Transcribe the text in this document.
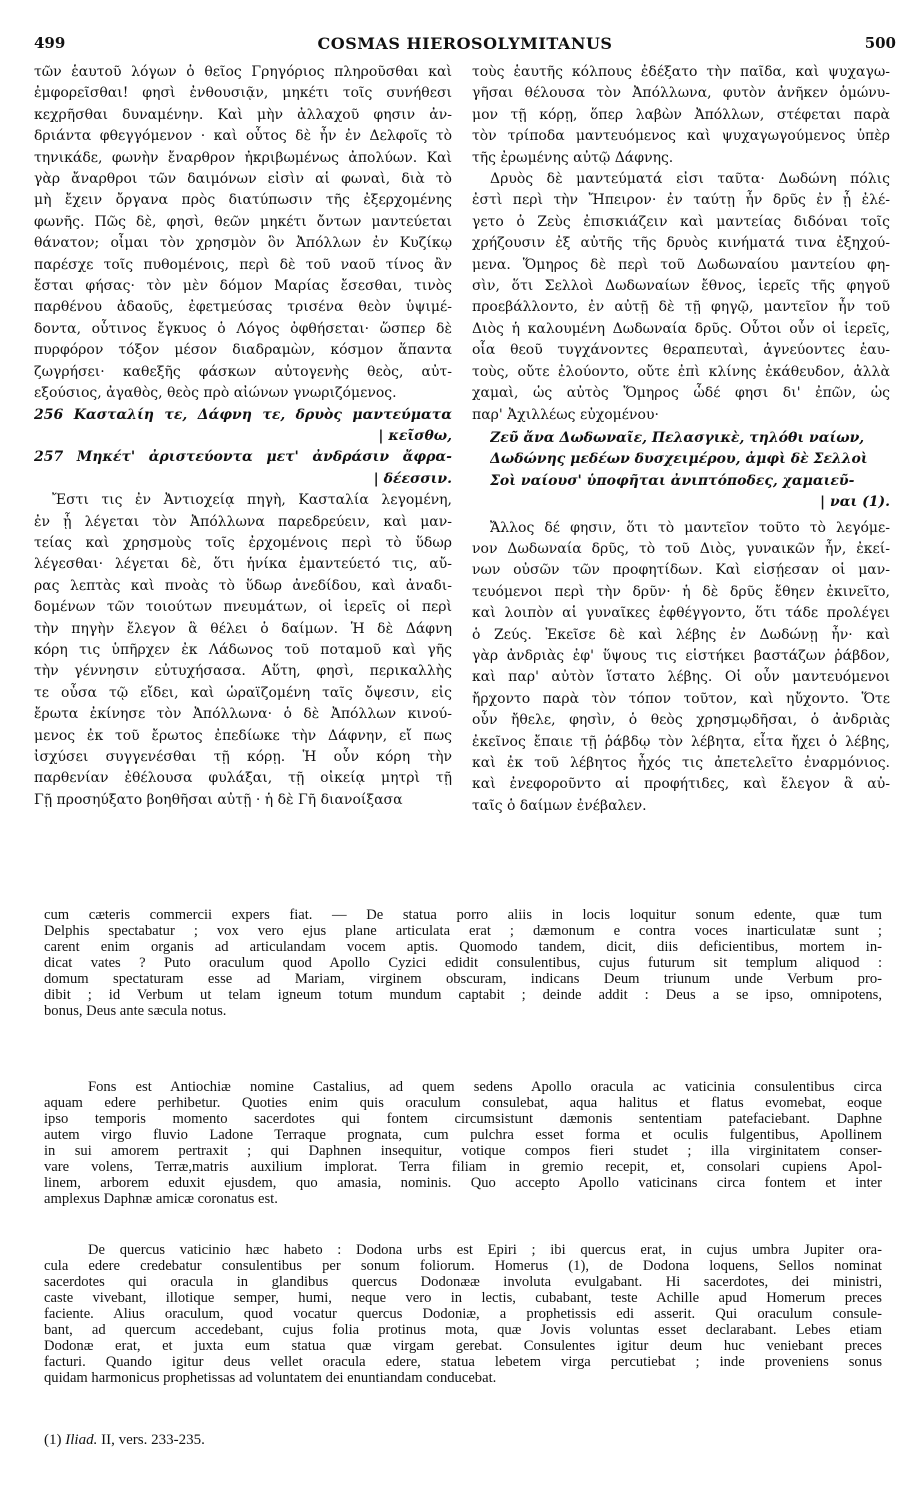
499	COSMAS HIEROSOLYMITANUS	500
τῶν ἑαυτοῦ λόγων ὁ θεῖος Γρηγόριος πληροῦσθαι καὶ
ἐμφορεῖσθαι! φησὶ ἐνθουσιᾷν, μηκέτι τοῖς συνήθεσι
κεχρῆσθαι δυναμένην. Καὶ μὴν ἀλλαχοῦ φησιν ἀν-
δριάντα φθεγγόμενον · καὶ οὗτος δὲ ἦν ἐν Δελφοῖς τὸ
τηνικάδε, φωνὴν ἔναρθρον ἠκριβωμένως ἀπολύων. Καὶ
γὰρ ἄναρθροι τῶν δαιμόνων εἰσὶν αἱ φωναὶ, διὰ τὸ
μὴ ἔχειν ὄργανα πρὸς διατύπωσιν τῆς ἐξερχομένης
φωνῆς. Πῶς δὲ, φησὶ, θεῶν μηκέτι ὄντων μαντεύεται
θάνατον; οἶμαι τὸν χρησμὸν ὃν Ἀπόλλων ἐν Κυζίκῳ
παρέσχε τοῖς πυθομένοις, περὶ δὲ τοῦ ναοῦ τίνος ἂν
ἔσται φήσας· τὸν μὲν δόμον Μαρίας ἔσεσθαι, τινὸς
παρθένου ἀδαοῦς, ἐφετμεύσας τρισένα θεὸν ὑψιμέ-
δοντα, οὗτινος ἔγκυος ὁ Λόγος ὀφθήσεται· ὥσπερ δὲ
πυρφόρον τόξον μέσον διαδραμὼν, κόσμον ἅπαντα
ζωγρήσει· καθεξῆς φάσκων αὐτογενὴς θεὸς, αὐτ-
εξούσιος, ἀγαθὸς, θεὸς πρὸ αἰώνων γνωριζόμενος.
256 Κασταλίη τε, Δάφνη τε, δρυὸς μαντεύματα
| κεῖσθω,
257 Μηκέτ' ἀριστεύοντα μετ' ἀνδράσιν ἄφρα-
| δέεσσιν.
Ἔστι τις ἐν Ἀντιοχείᾳ πηγὴ, Κασταλία λεγομένη,
ἐν ᾗ λέγεται τὸν Ἀπόλλωνα παρεδρεύειν, καὶ μαν-
τείας καὶ χρησμοὺς τοῖς ἐρχομένοις περὶ τὸ ὕδωρ
λέγεσθαι· λέγεται δὲ, ὅτι ἡνίκα ἐμαντεύετό τις, αὔ-
ρας λεπτὰς καὶ πνοὰς τὸ ὕδωρ ἀνεδίδου, καὶ ἀναδι-
δομένων τῶν τοιούτων πνευμάτων, οἱ ἱερεῖς οἱ περὶ
τὴν πηγὴν ἔλεγον ἃ θέλει ὁ δαίμων. Ἡ δὲ Δάφνη
κόρη τις ὑπῆρχεν ἐκ Λάδωνος τοῦ ποταμοῦ καὶ γῆς
τὴν γέννησιν εὐτυχήσασα. Αὕτη, φησὶ, περικαλλὴς
τε οὖσα τῷ εἴδει, καὶ ὡραϊζομένη ταῖς ὄψεσιν, εἰς
ἔρωτα ἐκίνησε τὸν Ἀπόλλωνα· ὁ δὲ Ἀπόλλων κινού-
μενος ἐκ τοῦ ἔρωτος ἐπεδίωκε τὴν Δάφνην, εἴ πως
ἰσχύσει συγγενέσθαι τῇ κόρῃ. Ἡ οὖν κόρη τὴν
παρθενίαν ἐθέλουσα φυλάξαι, τῇ οἰκείᾳ μητρὶ τῇ
Γῇ προσηύξατο βοηθῆσαι αὐτῇ · ἡ δὲ Γῆ διανοίξασα
τοὺς ἑαυτῆς κόλπους ἐδέξατο τὴν παῖδα, καὶ ψυχαγω-
γῆσαι θέλουσα τὸν Ἀπόλλωνα, φυτὸν ἀνῆκεν ὁμώνυ-
μον τῇ κόρῃ, ὅπερ λαβὼν Ἀπόλλων, στέφεται παρὰ
τὸν τρίποδα μαντευόμενος καὶ ψυχαγωγούμενος ὑπὲρ
τῆς ἐρωμένης αὐτῷ Δάφνης.
Δρυὸς δὲ μαντεύματά εἰσι ταῦτα· Δωδώνη πόλις
ἐστὶ περὶ τὴν Ἤπειρον· ἐν ταύτῃ ἦν δρῦς ἐν ᾗ ἐλέ-
γετο ὁ Ζεὺς ἐπισκιάζειν καὶ μαντείας διδόναι τοῖς
χρήζουσιν ἐξ αὐτῆς τῆς δρυὸς κινήματά τινα ἐξηχού-
μενα. Ὅμηρος δὲ περὶ τοῦ Δωδωναίου μαντείου φη-
σὶν, ὅτι Σελλοὶ Δωδωναίων ἔθνος, ἱερεῖς τῆς φηγοῦ
προεβάλλοντο, ἐν αὐτῇ δὲ τῇ φηγῷ, μαντεῖον ἦν τοῦ
Διὸς ἡ καλουμένη Δωδωναία δρῦς. Οὗτοι οὖν οἱ ἱερεῖς,
οἷα θεοῦ τυγχάνοντες θεραπευταὶ, ἁγνεύοντες ἑαυ-
τοὺς, οὔτε ἐλούοντο, οὔτε ἐπὶ κλίνης ἐκάθευδον, ἀλλὰ
χαμαὶ, ὡς αὐτὸς Ὅμηρος ὧδέ φησι δι' ἐπῶν, ὡς
παρ' Ἀχιλλέως εὐχομένου·
Ζεῦ ἄνα Δωδωναῖε, Πελασγικὲ, τηλόθι ναίων,
Δωδώνης μεδέων δυσχειμέρου, ἀμφὶ δὲ Σελλοὶ
Σοὶ ναίουσ' ὑποφῆται ἀνιπτόποδες, χαμαιεῦ-
| ναι (1).
Ἄλλος δέ φησιν, ὅτι τὸ μαντεῖον τοῦτο τὸ λεγόμε-
νον Δωδωναία δρῦς, τὸ τοῦ Διὸς, γυναικῶν ἦν, ἐκεί-
νων οὐσῶν τῶν προφητίδων. Καὶ εἰσῄεσαν οἱ μαν-
τευόμενοι περὶ τὴν δρῦν· ἡ δὲ δρῦς ἔθηεν ἐκινεῖτο,
καὶ λοιπὸν αἱ γυναῖκες ἐφθέγγοντο, ὅτι τάδε προλέγει
ὁ Ζεύς. Ἐκεῖσε δὲ καὶ λέβης ἐν Δωδώνῃ ἦν· καὶ
γὰρ ἀνδριὰς ἐφ' ὕψους τις εἱστήκει βαστάζων ῥάβδον,
καὶ παρ' αὐτὸν ἵστατο λέβης. Οἱ οὖν μαντευόμενοι
ἤρχοντο παρὰ τὸν τόπον τοῦτον, καὶ ηὔχοντο. Ὅτε
οὖν ἤθελε, φησὶν, ὁ θεὸς χρησμῳδῆσαι, ὁ ἀνδριὰς
ἐκεῖνος ἔπαιε τῇ ῥάβδῳ τὸν λέβητα, εἶτα ἤχει ὁ λέβης,
καὶ ἐκ τοῦ λέβητος ἦχός τις ἀπετελεῖτο ἐναρμόνιος.
καὶ ἐνεφοροῦντο αἱ προφήτιδες, καὶ ἔλεγον ἃ αὐ-
ταῖς ὁ δαίμων ἐνέβαλεν.
cum cæteris commercii expers fiat. — De statua porro aliis in locis loquitur sonum edente, quæ tum
Delphis spectabatur ; vox vero ejus plane articulata erat ; dæmonum e contra voces inarticulatæ sunt ;
carent enim organis ad articulandam vocem aptis. Quomodo tandem, dicit, diis deficientibus, mortem in-
dicat vates ? Puto oraculum quod Apollo Cyzici edidit consulentibus, cujus futurum sit templum aliquod :
domum spectaturam esse ad Mariam, virginem obscuram, indicans Deum triunum unde Verbum pro-
dibit ; id Verbum ut telam igneum totum mundum captabit ; deinde addit : Deus a se ipso, omnipotens,
bonus, Deus ante sæcula notus.
Fons est Antiochiæ nomine Castalius, ad quem sedens Apollo oracula ac vaticinia consulentibus circa
aquam edere perhibetur. Quoties enim quis oraculum consulebat, aqua halitus et flatus evomebat, eoque
ipso temporis momento sacerdotes qui fontem circumsistunt dæmonis sententiam patefaciebant. Daphne
autem virgo fluvio Ladone Terraque prognata, cum pulchra esset forma et oculis fulgentibus, Apollinem
in sui amorem pertraxit ; qui Daphnen insequitur, votique compos fieri studet ; illa virginitatem conser-
vare volens, Terræ,matris auxilium implorat. Terra filiam in gremio recepit, et, consolari cupiens Apol-
linem, arborem eduxit ejusdem, quo amasia, nominis. Quo accepto Apollo vaticinans circa fontem et inter
amplexus Daphnæ amicæ coronatus est.
De quercus vaticinio hæc habeto : Dodona urbs est Epiri ; ibi quercus erat, in cujus umbra Jupiter ora-
cula edere credebatur consulentibus per sonum foliorum. Homerus (1), de Dodona loquens, Sellos nominat
sacerdotes qui oracula in glandibus quercus Dodonææ involuta evulgabant. Hi sacerdotes, dei ministri,
caste vivebant, illotique semper, humi, neque vero in lectis, cubabant, teste Achille apud Homerum preces
faciente. Alius oraculum, quod vocatur quercus Dodoniæ, a prophetissis edi asserit. Qui oraculum consule-
bant, ad quercum accedebant, cujus folia protinus mota, quæ Jovis voluntas esset declarabant. Lebes etiam
Dodonæ erat, et juxta eum statua quæ virgam gerebat. Consulentes igitur deum huc veniebant preces
facturi. Quando igitur deus vellet oracula edere, statua lebetem virga percutiebat ; inde proveniens sonus
quidam harmonicus prophetissas ad voluntatem dei enuntiandam conducebat.
(1) Iliad. II, vers. 233-235.
